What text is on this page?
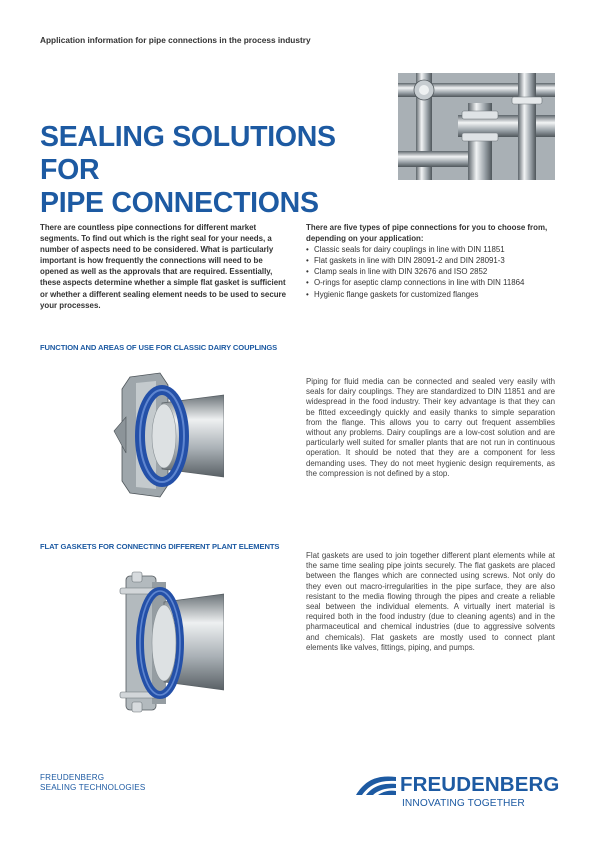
Application information for pipe connections in the process industry
SEALING SOLUTIONS FOR
PIPE CONNECTIONS
There are countless pipe connections for different market segments. To find out which is the right seal for your needs, a number of aspects need to be considered. What is particularly important is how frequently the connections will need to be opened as well as the approvals that are required. Essentially, these aspects determine whether a simple flat gasket is sufficient or whether a different sealing element needs to be used to secure your processes.
There are five types of pipe connections for you to choose from, depending on your application:
• Classic seals for dairy couplings in line with DIN 11851
• Flat gaskets in line with DIN 28091-2 and DIN 28091-3
• Clamp seals in line with DIN 32676 and ISO 2852
• O-rings for aseptic clamp connections in line with DIN 11864
• Hygienic flange gaskets for customized flanges
FUNCTION AND AREAS OF USE FOR CLASSIC DAIRY COUPLINGS
Piping for fluid media can be connected and sealed very easily with seals for dairy couplings. They are standardized to DIN 11851 and are widespread in the food industry. Their key advantage is that they can be fitted exceedingly quickly and easily thanks to simple separation from the flange. This allows you to carry out frequent assemblies without any problems. Dairy couplings are a low-cost solution and are particularly well suited for smaller plants that are not run in continuous operation. It should be noted that they are a component for less demanding uses. They do not meet hygienic design requirements, as the compression is not defined by a stop.
FLAT GASKETS FOR CONNECTING DIFFERENT PLANT ELEMENTS
Flat gaskets are used to join together different plant elements while at the same time sealing pipe joints securely. The flat gaskets are placed between the flanges which are connected using screws. Not only do they even out macro-irregularities in the pipe surface, they are also resistant to the media flowing through the pipes and create a reliable seal between the individual elements. A virtually inert material is required both in the food industry (due to cleaning agents) and in the pharmaceutical and chemical industries (due to aggressive solvents and chemicals). Flat gaskets are mostly used to connect plant elements like valves, fittings, piping, and pumps.
FREUDENBERG
SEALING TECHNOLOGIES	FREUDENBERG
INNOVATING TOGETHER
